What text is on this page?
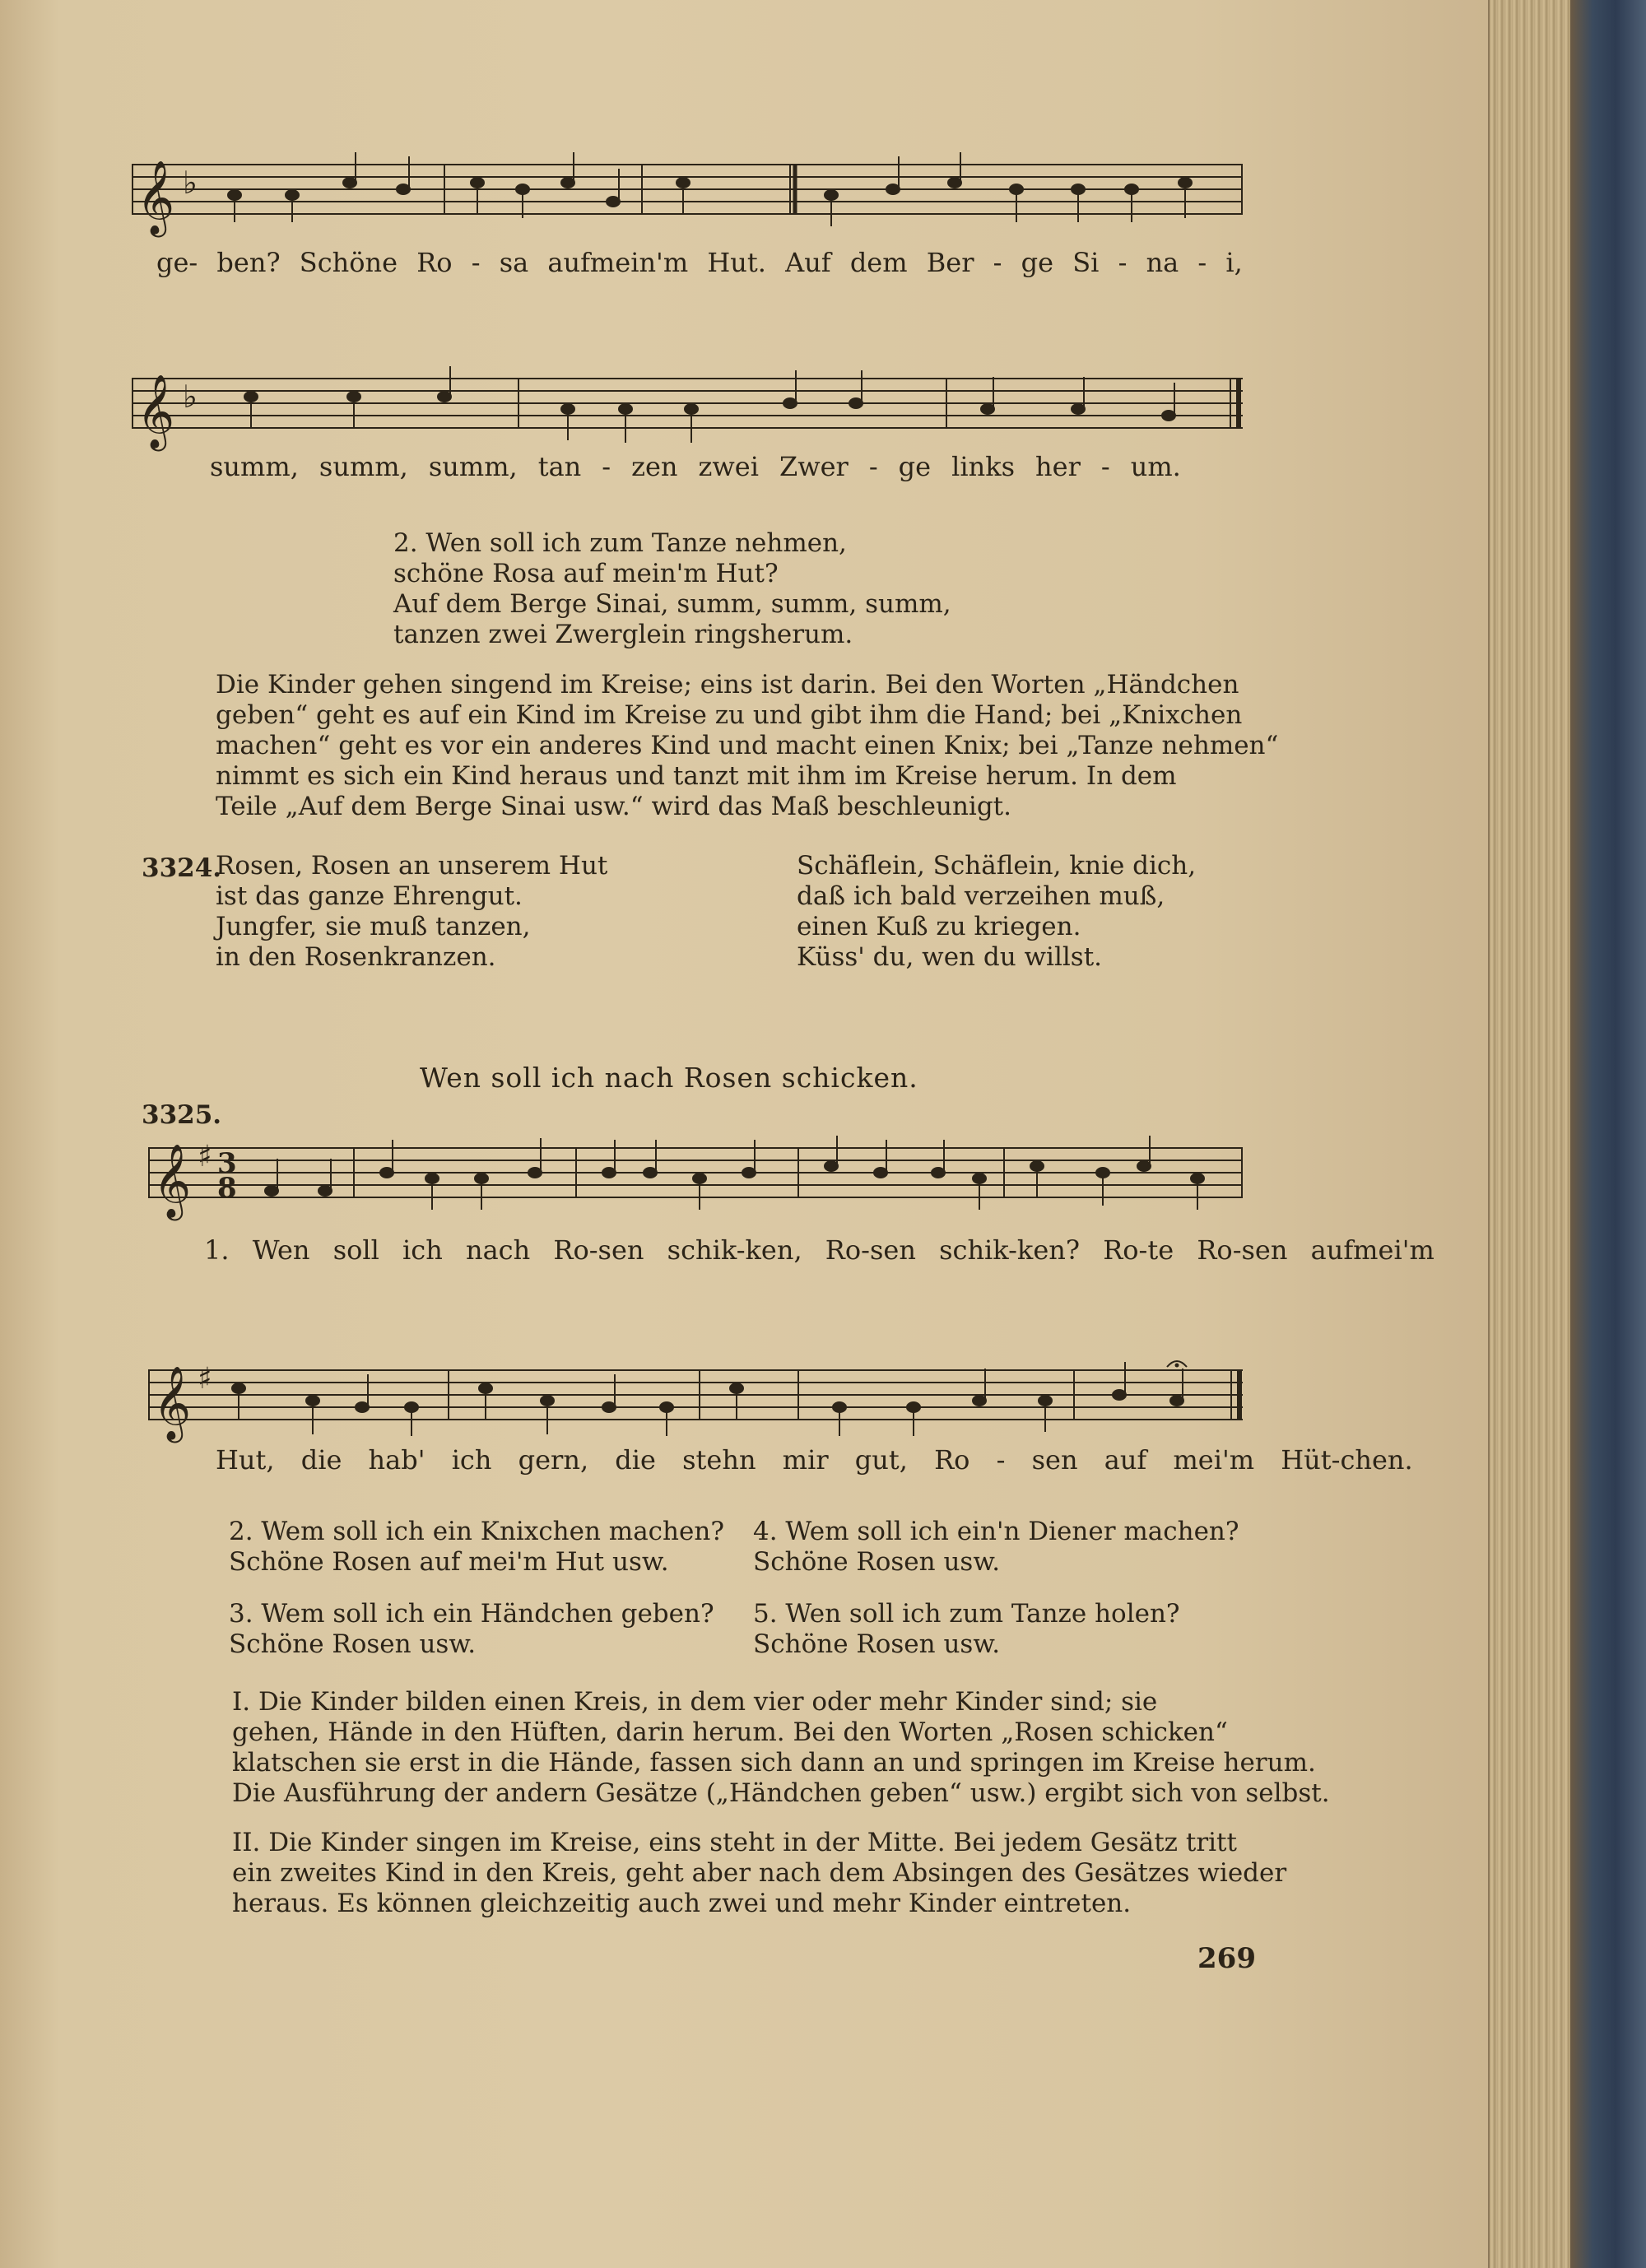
𝄞 ♭
ge- ben? Schöne Ro - sa aufmein'm Hut. Auf dem Ber - ge Si - na - i,
𝄞 ♭
summ, summ, summ, tan - zen zwei Zwer - ge links her - um.
2. Wen soll ich zum Tanze nehmen,
schöne Rosa auf mein'm Hut?
Auf dem Berge Sinai, summ, summ, summ,
tanzen zwei Zwerglein ringsherum.
Die Kinder gehen singend im Kreise; eins ist darin. Bei den Worten „Händchen
geben“ geht es auf ein Kind im Kreise zu und gibt ihm die Hand; bei „Knixchen
machen“ geht es vor ein anderes Kind und macht einen Knix; bei „Tanze nehmen“
nimmt es sich ein Kind heraus und tanzt mit ihm im Kreise herum. In dem
Teile „Auf dem Berge Sinai usw.“ wird das Maß beschleunigt.
3324.
Rosen, Rosen an unserem Hut
ist das ganze Ehrengut.
Jungfer, sie muß tanzen,
in den Rosenkranzen.
Schäflein, Schäflein, knie dich,
daß ich bald verzeihen muß,
einen Kuß zu kriegen.
Küss' du, wen du willst.
Wen soll ich nach Rosen schicken.
3325.
𝄞 ♯ 3
8
1. Wen soll ich nach Ro-sen schik-ken, Ro-sen schik-ken? Ro-te Ro-sen aufmei'm
𝄞 ♯
Hut, die hab' ich gern, die stehn mir gut, Ro - sen auf mei'm Hüt-chen.
2. Wem soll ich ein Knixchen machen?
Schöne Rosen auf mei'm Hut usw.
4. Wem soll ich ein'n Diener machen?
Schöne Rosen usw.
3. Wem soll ich ein Händchen geben?
Schöne Rosen usw.
5. Wen soll ich zum Tanze holen?
Schöne Rosen usw.
I. Die Kinder bilden einen Kreis, in dem vier oder mehr Kinder sind; sie
gehen, Hände in den Hüften, darin herum. Bei den Worten „Rosen schicken“
klatschen sie erst in die Hände, fassen sich dann an und springen im Kreise herum.
Die Ausführung der andern Gesätze („Händchen geben“ usw.) ergibt sich von selbst.
II. Die Kinder singen im Kreise, eins steht in der Mitte. Bei jedem Gesätz tritt
ein zweites Kind in den Kreis, geht aber nach dem Absingen des Gesätzes wieder
heraus. Es können gleichzeitig auch zwei und mehr Kinder eintreten.
269
